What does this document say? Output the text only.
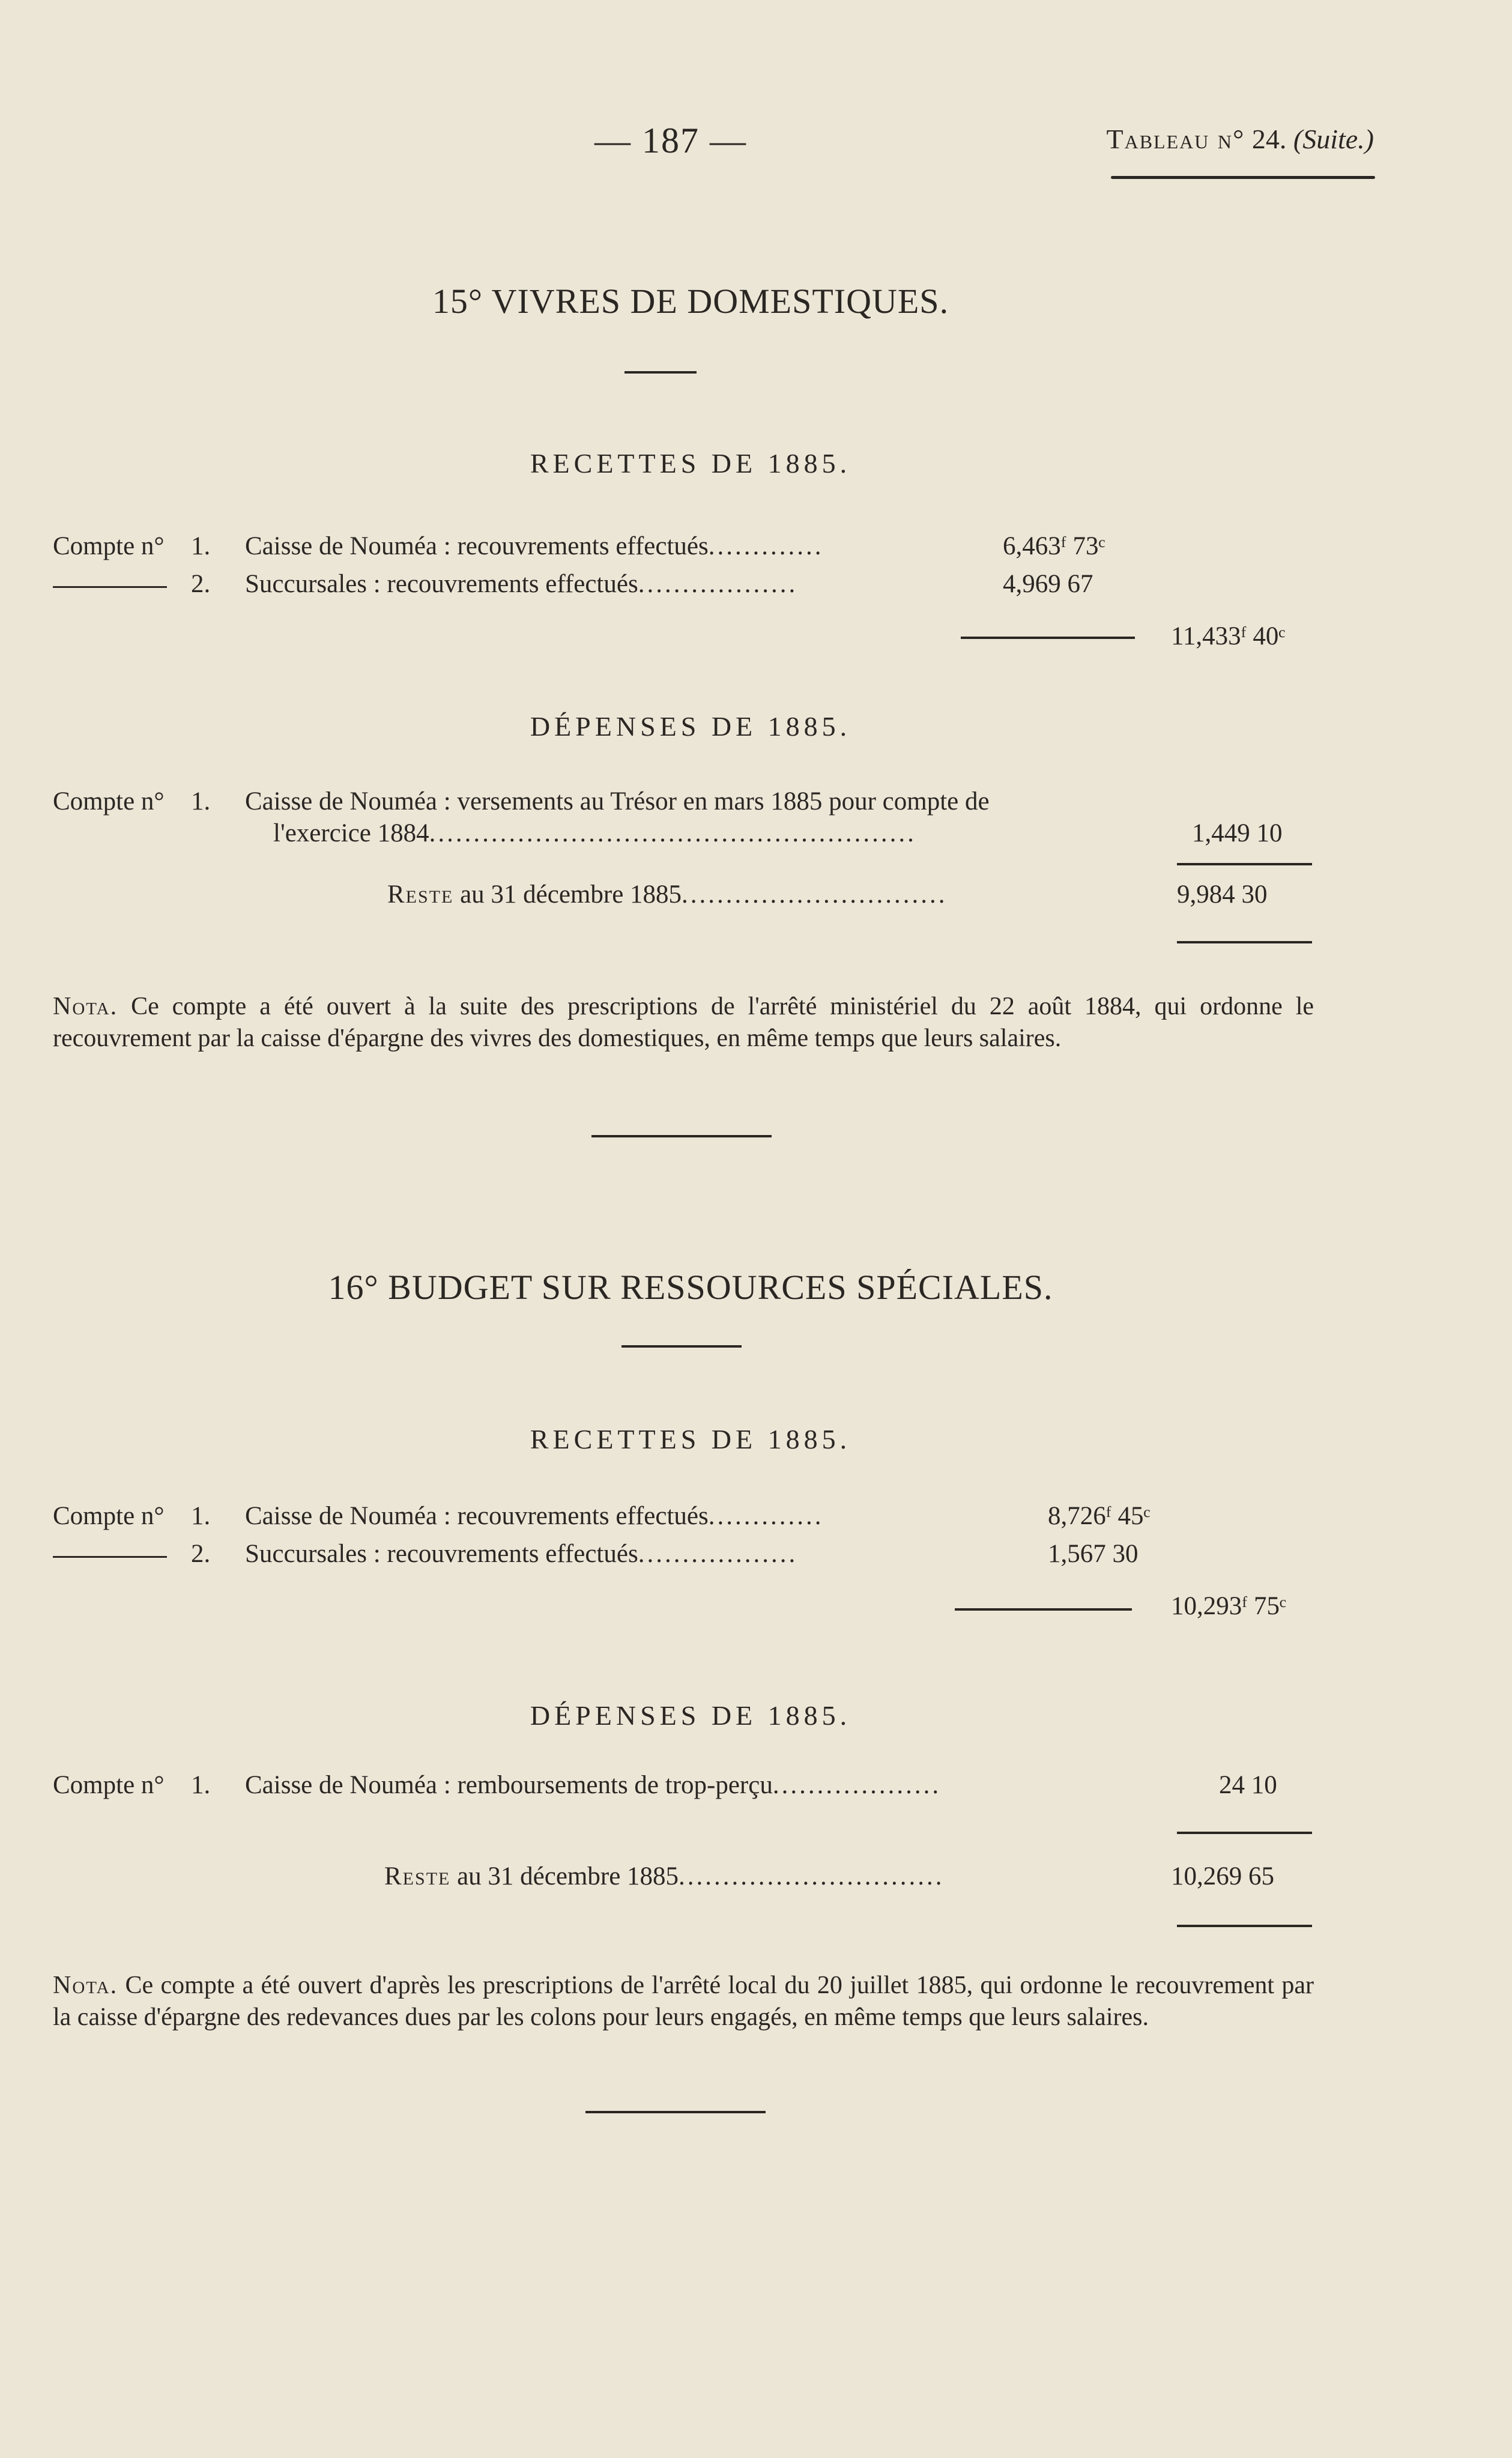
— 187 —	Tableau n° 24. (Suite.)
15° VIVRES DE DOMESTIQUES.
RECETTES DE 1885.
Compte n° 1. Caisse de Nouméa : recouvrements effectués.............	6,463ᶠ 73ᶜ
2. Succursales : recouvrements effectués..................	4,969 67
11,433ᶠ 40ᶜ
DÉPENSES DE 1885.
Compte n° 1. Caisse de Nouméa : versements au Trésor en mars 1885 pour compte de
l'exercice 1884.......................................................	1,449 10
Reste au 31 décembre 1885..............................	9,984 30
Nota. Ce compte a été ouvert à la suite des prescriptions de l'arrêté ministériel du 22 août 1884, qui ordonne le recouvrement par la caisse d'épargne des vivres des domestiques, en même temps que leurs salaires.
16° BUDGET SUR RESSOURCES SPÉCIALES.
RECETTES DE 1885.
Compte n° 1. Caisse de Nouméa : recouvrements effectués.............	8,726ᶠ 45ᶜ
2. Succursales : recouvrements effectués..................	1,567 30
10,293ᶠ 75ᶜ
DÉPENSES DE 1885.
Compte n° 1. Caisse de Nouméa : remboursements de trop-perçu...................	24 10
Reste au 31 décembre 1885..............................	10,269 65
Nota. Ce compte a été ouvert d'après les prescriptions de l'arrêté local du 20 juillet 1885, qui ordonne le recouvrement par la caisse d'épargne des redevances dues par les colons pour leurs engagés, en même temps que leurs salaires.
